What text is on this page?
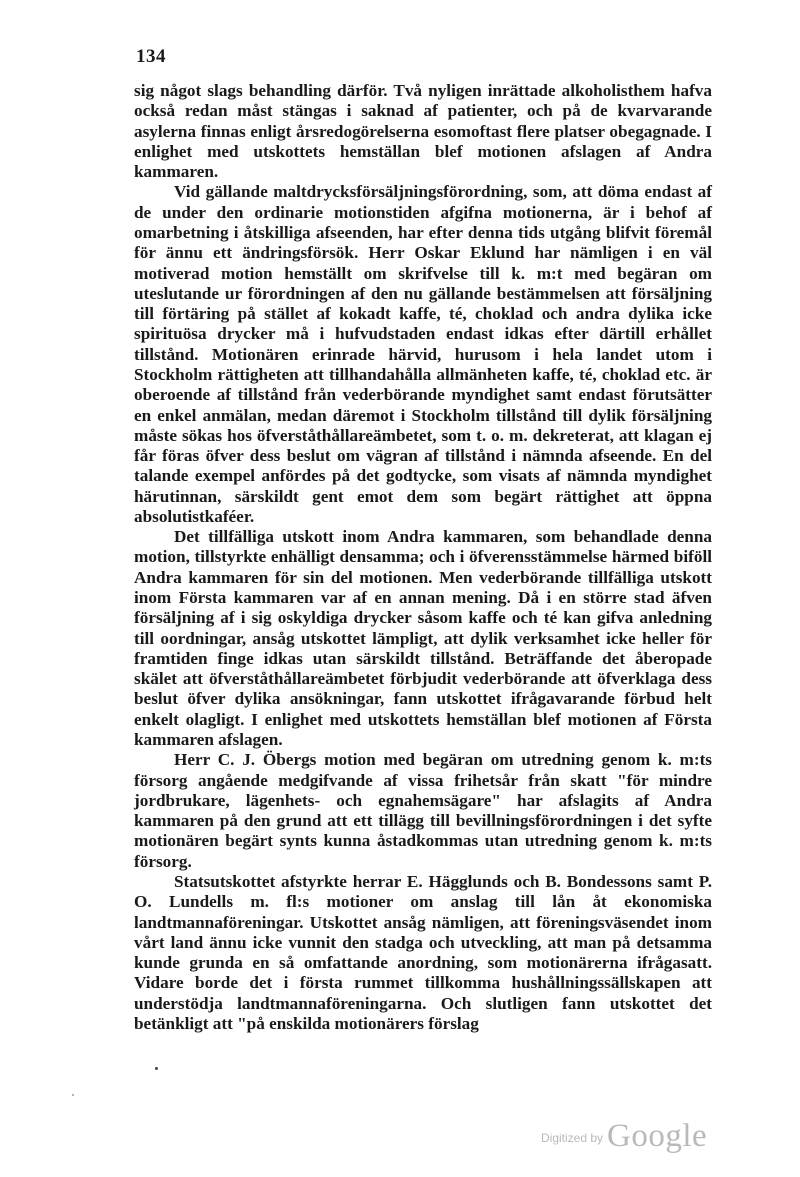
134

sig något slags behandling därför. Två nyligen inrättade alkoholisthem hafva också redan måst stängas i saknad af patienter, och på de kvarvarande asylerna finnas enligt årsredogörelserna esomoftast flere platser obegagnade. I enlighet med utskottets hemställan blef motionen afslagen af Andra kammaren.

Vid gällande maltdrycksförsäljningsförordning, som, att döma endast af de under den ordinarie motionstiden afgifna motionerna, är i behof af omarbetning i åtskilliga afseenden, har efter denna tids utgång blifvit föremål för ännu ett ändringsförsök. Herr Oskar Eklund har nämligen i en väl motiverad motion hemställt om skrifvelse till k. m:t med begäran om uteslutande ur förordningen af den nu gällande bestämmelsen att försäljning till förtäring på stället af kokadt kaffe, té, choklad och andra dylika icke spirituösa drycker må i hufvudstaden endast idkas efter därtill erhållet tillstånd. Motionären erinrade härvid, hurusom i hela landet utom i Stockholm rättigheten att tillhandahålla allmänheten kaffe, té, choklad etc. är oberoende af tillstånd från vederbörande myndighet samt endast förutsätter en enkel anmälan, medan däremot i Stockholm tillstånd till dylik försäljning måste sökas hos öfverståthållareämbetet, som t. o. m. dekreterat, att klagan ej får föras öfver dess beslut om vägran af tillstånd i nämnda afseende. En del talande exempel anfördes på det godtycke, som visats af nämnda myndighet härutinnan, särskildt gent emot dem som begärt rättighet att öppna absolutistkaféer.

Det tillfälliga utskott inom Andra kammaren, som behandlade denna motion, tillstyrkte enhälligt densamma; och i öfverensstämmelse härmed biföll Andra kammaren för sin del motionen. Men vederbörande tillfälliga utskott inom Första kammaren var af en annan mening. Då i en större stad äfven försäljning af i sig oskyldiga drycker såsom kaffe och té kan gifva anledning till oordningar, ansåg utskottet lämpligt, att dylik verksamhet icke heller för framtiden finge idkas utan särskildt tillstånd. Beträffande det åberopade skälet att öfverståthållareämbetet förbjudit vederbörande att öfverklaga dess beslut öfver dylika ansökningar, fann utskottet ifrågavarande förbud helt enkelt olagligt. I enlighet med utskottets hemställan blef motionen af Första kammaren afslagen.

Herr C. J. Öbergs motion med begäran om utredning genom k. m:ts försorg angående medgifvande af vissa frihetsår från skatt "för mindre jordbrukare, lägenhets- och egnahemsägare" har afslagits af Andra kammaren på den grund att ett tillägg till bevillningsförordningen i det syfte motionären begärt synts kunna åstadkommas utan utredning genom k. m:ts försorg.

Statsutskottet afstyrkte herrar E. Hägglunds och B. Bondessons samt P. O. Lundells m. fl:s motioner om anslag till lån åt ekonomiska landtmannaföreningar. Utskottet ansåg nämligen, att föreningsväsendet inom vårt land ännu icke vunnit den stadga och utveckling, att man på detsamma kunde grunda en så omfattande anordning, som motionärerna ifrågasatt. Vidare borde det i första rummet tillkomma hushållningssällskapen att understödja landtmannaföreningarna. Och slutligen fann utskottet det betänkligt att "på enskilda motionärers förslag

$^{Digitized by}$ Google
